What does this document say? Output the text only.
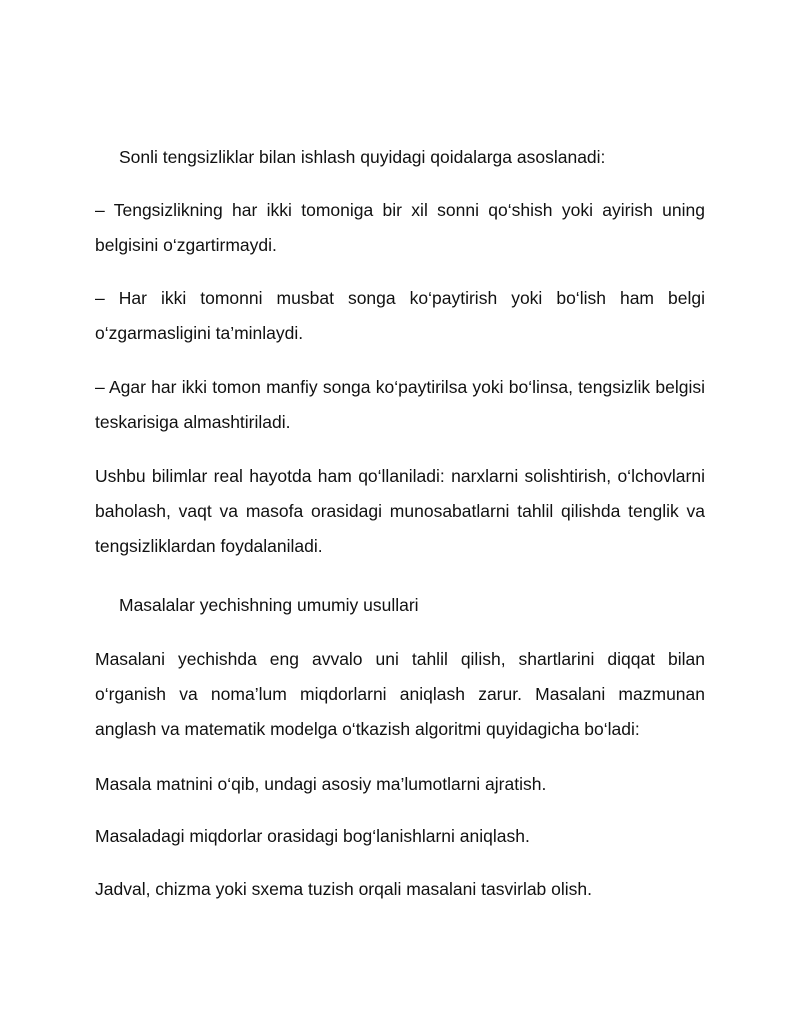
Sonli tengsizliklar bilan ishlash quyidagi qoidalarga asoslanadi:

– Tengsizlikning har ikki tomoniga bir xil sonni qo‘shish yoki ayirish uning belgisini o‘zgartirmaydi.

– Har ikki tomonni musbat songa ko‘paytirish yoki bo‘lish ham belgi o‘zgarmasligini ta’minlaydi.

– Agar har ikki tomon manfiy songa ko‘paytirilsa yoki bo‘linsa, tengsizlik belgisi teskarisiga almashtiriladi.

Ushbu bilimlar real hayotda ham qo‘llaniladi: narxlarni solishtirish, o‘lchovlarni baholash, vaqt va masofa orasidagi munosabatlarni tahlil qilishda tenglik va tengsizliklardan foydalaniladi.

Masalalar yechishning umumiy usullari

Masalani yechishda eng avvalo uni tahlil qilish, shartlarini diqqat bilan o‘rganish va noma’lum miqdorlarni aniqlash zarur. Masalani mazmunan anglash va matematik modelga o‘tkazish algoritmi quyidagicha bo‘ladi:

Masala matnini o‘qib, undagi asosiy ma’lumotlarni ajratish.

Masaladagi miqdorlar orasidagi bog‘lanishlarni aniqlash.

Jadval, chizma yoki sxema tuzish orqali masalani tasvirlab olish.
